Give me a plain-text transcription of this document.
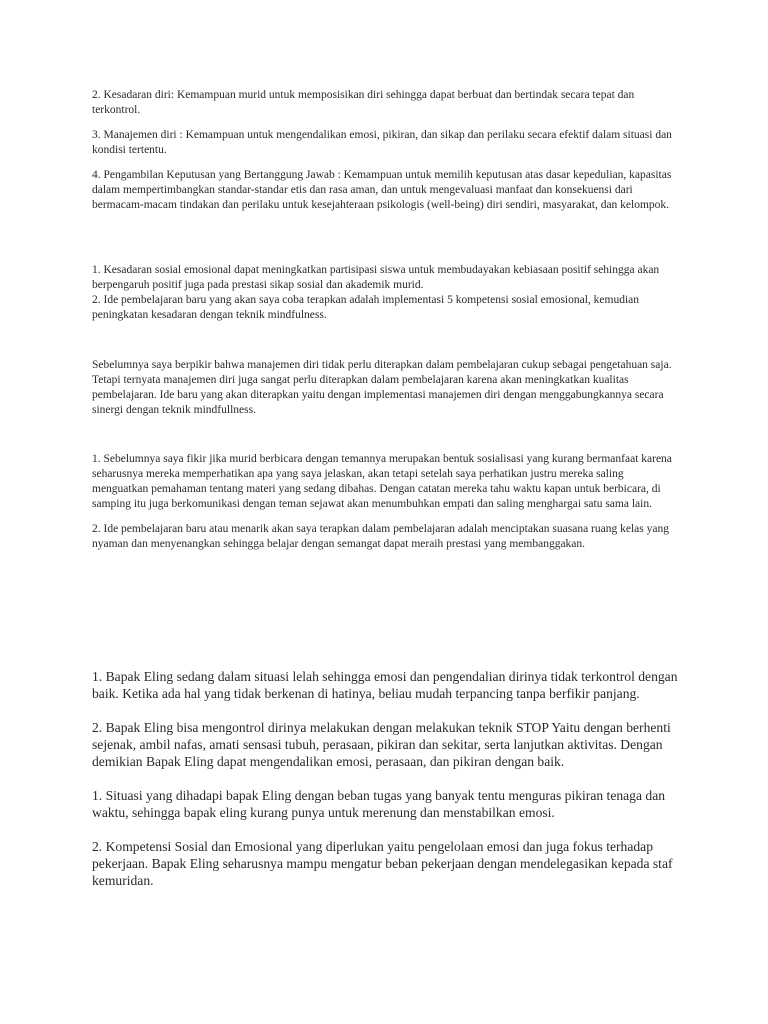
2. Kesadaran diri: Kemampuan murid untuk memposisikan diri sehingga dapat berbuat dan bertindak secara tepat dan terkontrol.

3. Manajemen diri : Kemampuan untuk mengendalikan emosi, pikiran, dan sikap dan perilaku secara efektif dalam situasi dan kondisi tertentu.

4. Pengambilan Keputusan yang Bertanggung Jawab : Kemampuan untuk memilih keputusan atas dasar kepedulian, kapasitas dalam mempertimbangkan standar-standar etis dan rasa aman, dan untuk mengevaluasi manfaat dan konsekuensi dari bermacam-macam tindakan dan perilaku untuk kesejahteraan psikologis (well-being) diri sendiri, masyarakat, dan kelompok.

1. Kesadaran sosial emosional dapat meningkatkan partisipasi siswa untuk membudayakan kebiasaan positif sehingga akan berpengaruh positif juga pada prestasi sikap sosial dan akademik murid.

2. Ide pembelajaran baru yang akan saya coba terapkan adalah implementasi 5 kompetensi sosial emosional, kemudian peningkatan kesadaran dengan teknik mindfulness.

Sebelumnya saya berpikir bahwa manajemen diri tidak perlu diterapkan dalam pembelajaran cukup sebagai pengetahuan saja. Tetapi ternyata manajemen diri juga sangat perlu diterapkan dalam pembelajaran karena akan meningkatkan kualitas pembelajaran. Ide baru yang akan diterapkan yaitu dengan implementasi manajemen diri dengan menggabungkannya secara sinergi dengan teknik mindfullness.

1. Sebelumnya saya fikir jika murid berbicara dengan temannya merupakan bentuk sosialisasi yang kurang bermanfaat karena seharusnya mereka memperhatikan apa yang saya jelaskan, akan tetapi setelah saya perhatikan justru mereka saling menguatkan pemahaman tentang materi yang sedang dibahas. Dengan catatan mereka tahu waktu kapan untuk berbicara, di samping itu juga berkomunikasi dengan teman sejawat akan menumbuhkan empati dan saling menghargai satu sama lain.

2. Ide pembelajaran baru atau menarik akan saya terapkan dalam pembelajaran adalah menciptakan suasana ruang kelas yang nyaman dan menyenangkan sehingga belajar dengan semangat dapat meraih prestasi yang membanggakan.

1. Bapak Eling sedang dalam situasi lelah sehingga emosi dan pengendalian dirinya tidak terkontrol dengan baik. Ketika ada hal yang tidak berkenan di hatinya, beliau mudah terpancing tanpa berfikir panjang.

2. Bapak Eling bisa mengontrol dirinya melakukan dengan melakukan teknik STOP Yaitu dengan berhenti sejenak, ambil nafas, amati sensasi tubuh, perasaan, pikiran dan sekitar, serta lanjutkan aktivitas. Dengan demikian Bapak Eling dapat mengendalikan emosi, perasaan, dan pikiran dengan baik.

1. Situasi yang dihadapi bapak Eling dengan beban tugas yang banyak tentu menguras pikiran tenaga dan waktu, sehingga bapak eling kurang punya untuk merenung dan menstabilkan emosi.

2. Kompetensi Sosial dan Emosional yang diperlukan yaitu pengelolaan emosi dan juga fokus terhadap pekerjaan. Bapak Eling seharusnya mampu mengatur beban pekerjaan dengan mendelegasikan kepada staf kemuridan.
